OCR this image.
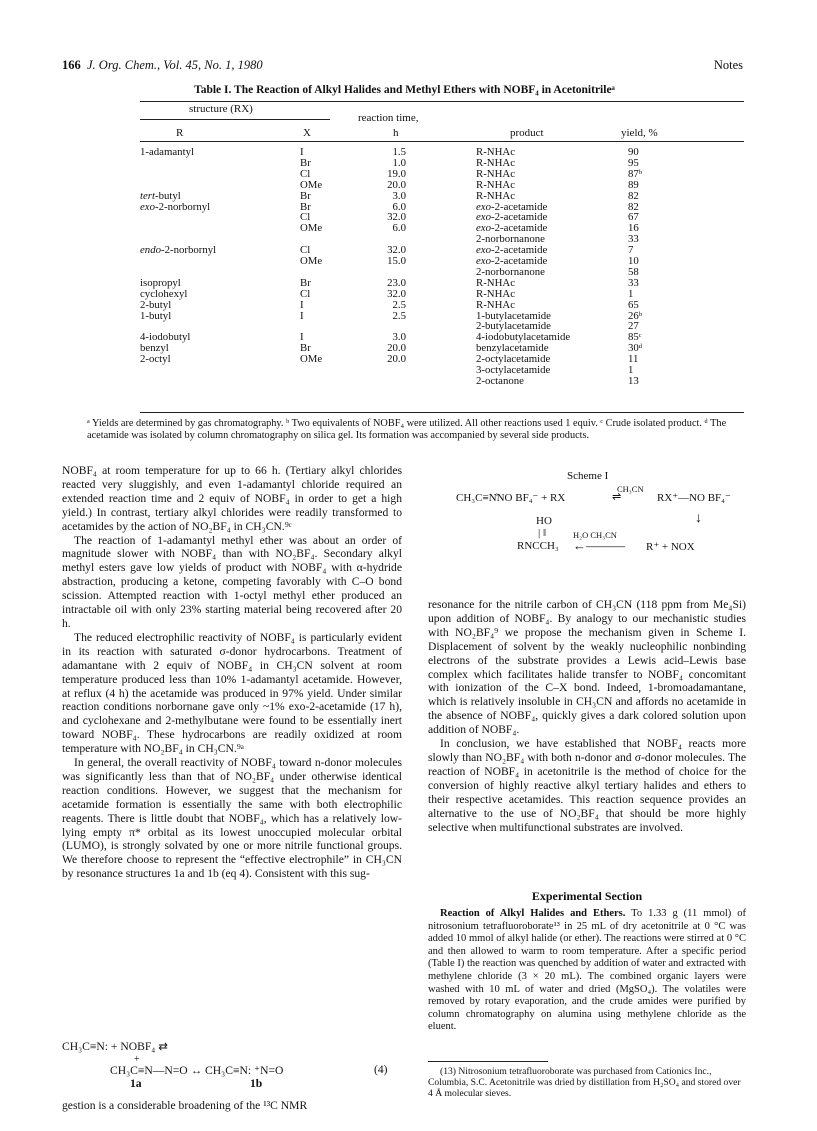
166 J. Org. Chem., Vol. 45, No. 1, 1980	Notes
Table I. The Reaction of Alkyl Halides and Methyl Ethers with NOBF₄ in Acetonitrileᵃ
structure (RX)
reaction time,
R	X	h	product	yield, %
1-adamantyl	I	1.5	R-NHAc	90
Br	1.0	R-NHAc	95
Cl	19.0	R-NHAc	87ᵇ
OMe	20.0	R-NHAc	89
tert-butyl	Br	3.0	R-NHAc	82
exo-2-norbornyl	Br	6.0	exo-2-acetamide	82
Cl	32.0	exo-2-acetamide	67
OMe	6.0	exo-2-acetamide	16
2-norbornanone	33
endo-2-norbornyl	Cl	32.0	exo-2-acetamide	7
OMe	15.0	exo-2-acetamide	10
2-norbornanone	58
isopropyl	Br	23.0	R-NHAc	33
cyclohexyl	Cl	32.0	R-NHAc	1
2-butyl	I	2.5	R-NHAc	65
1-butyl	I	2.5	1-butylacetamide	26ᵇ
2-butylacetamide	27
4-iodobutyl	I	3.0	4-iodobutylacetamide	85ᶜ
benzyl	Br	20.0	benzylacetamide	30ᵈ
2-octyl	OMe	20.0	2-octylacetamide	11
3-octylacetamide	1
2-octanone	13
ᵃ Yields are determined by gas chromatography. ᵇ Two equivalents of NOBF₄ were utilized. All other reactions used 1 equiv. ᶜ Crude isolated product. ᵈ The acetamide was isolated by column chromatography on silica gel. Its formation was accompanied by several side products.

NOBF₄ at room temperature for up to 66 h. (Tertiary alkyl chlorides reacted very sluggishly, and even 1-adamantyl chloride required an extended reaction time and 2 equiv of NOBF₄ in order to get a high yield.) In contrast, tertiary alkyl chlorides were readily transformed to acetamides by the action of NO₂BF₄ in CH₃CN.⁹ᶜ

The reaction of 1-adamantyl methyl ether was about an order of magnitude slower with NOBF₄ than with NO₂BF₄. Secondary alkyl methyl esters gave low yields of product with NOBF₄ with α-hydride abstraction, producing a ketone, competing favorably with C–O bond scission. Attempted reaction with 1-octyl methyl ether produced an intractable oil with only 23% starting material being recovered after 20 h.

The reduced electrophilic reactivity of NOBF₄ is particularly evident in its reaction with saturated σ-donor hydrocarbons. Treatment of adamantane with 2 equiv of NOBF₄ in CH₃CN solvent at room temperature produced less than 10% 1-adamantyl acetamide. However, at reflux (4 h) the acetamide was produced in 97% yield. Under similar reaction conditions norbornane gave only ~1% exo-2-acetamide (17 h), and cyclohexane and 2-methylbutane were found to be essentially inert toward NOBF₄. These hydrocarbons are readily oxidized at room temperature with NO₂BF₄ in CH₃CN.⁹ᵃ

In general, the overall reactivity of NOBF₄ toward n-donor molecules was significantly less than that of NO₂BF₄ under otherwise identical reaction conditions. However, we suggest that the mechanism for acetamide formation is essentially the same with both electrophilic reagents. There is little doubt that NOBF₄, which has a relatively low-lying empty π* orbital as its lowest unoccupied molecular orbital (LUMO), is strongly solvated by one or more nitrile functional groups. We therefore choose to represent the “effective electrophile” in CH₃CN by resonance structures 1a and 1b (eq 4). Consistent with this sug-

CH₃C≡N: + NOBF₄ ⇄
+
CH₃C≡N—N=O ↔ CH₃C≡N: ⁺N=O	(4)
1a	1b
gestion is a considerable broadening of the ¹³C NMR
Scheme I
CH₃C≡N̊NO BF₄⁻ + RX
CH₃CN
⇌	RX⁺—NO BF₄⁻
↓
HO
| ‖
RNCCH₃
H₂O CH₃CN
←——— R⁺ + NOX

resonance for the nitrile carbon of CH₃CN (118 ppm from Me₄Si) upon addition of NOBF₄. By analogy to our mechanistic studies with NO₂BF₄⁹ we propose the mechanism given in Scheme I. Displacement of solvent by the weakly nucleophilic nonbinding electrons of the substrate provides a Lewis acid–Lewis base complex which facilitates halide transfer to NOBF₄ concomitant with ionization of the C–X bond. Indeed, 1-bromoadamantane, which is relatively insoluble in CH₃CN and affords no acetamide in the absence of NOBF₄, quickly gives a dark colored solution upon addition of NOBF₄.

In conclusion, we have established that NOBF₄ reacts more slowly than NO₂BF₄ with both n-donor and σ-donor molecules. The reaction of NOBF₄ in acetonitrile is the method of choice for the conversion of highly reactive alkyl tertiary halides and ethers to their respective acetamides. This reaction sequence provides an alternative to the use of NO₂BF₄ that should be more highly selective when multifunctional substrates are involved.

Experimental Section
Reaction of Alkyl Halides and Ethers. To 1.33 g (11 mmol) of nitrosonium tetrafluoroborate¹³ in 25 mL of dry acetonitrile at 0 °C was added 10 mmol of alkyl halide (or ether). The reactions were stirred at 0 °C and then allowed to warm to room temperature. After a specific period (Table I) the reaction was quenched by addition of water and extracted with methylene chloride (3 × 20 mL). The combined organic layers were washed with 10 mL of water and dried (MgSO₄). The volatiles were removed by rotary evaporation, and the crude amides were purified by column chromatography on alumina using methylene chloride as the eluent.
(13) Nitrosonium tetrafluoroborate was purchased from Cationics Inc., Columbia, S.C. Acetonitrile was dried by distillation from H₂SO₄ and stored over 4 Å molecular sieves.
